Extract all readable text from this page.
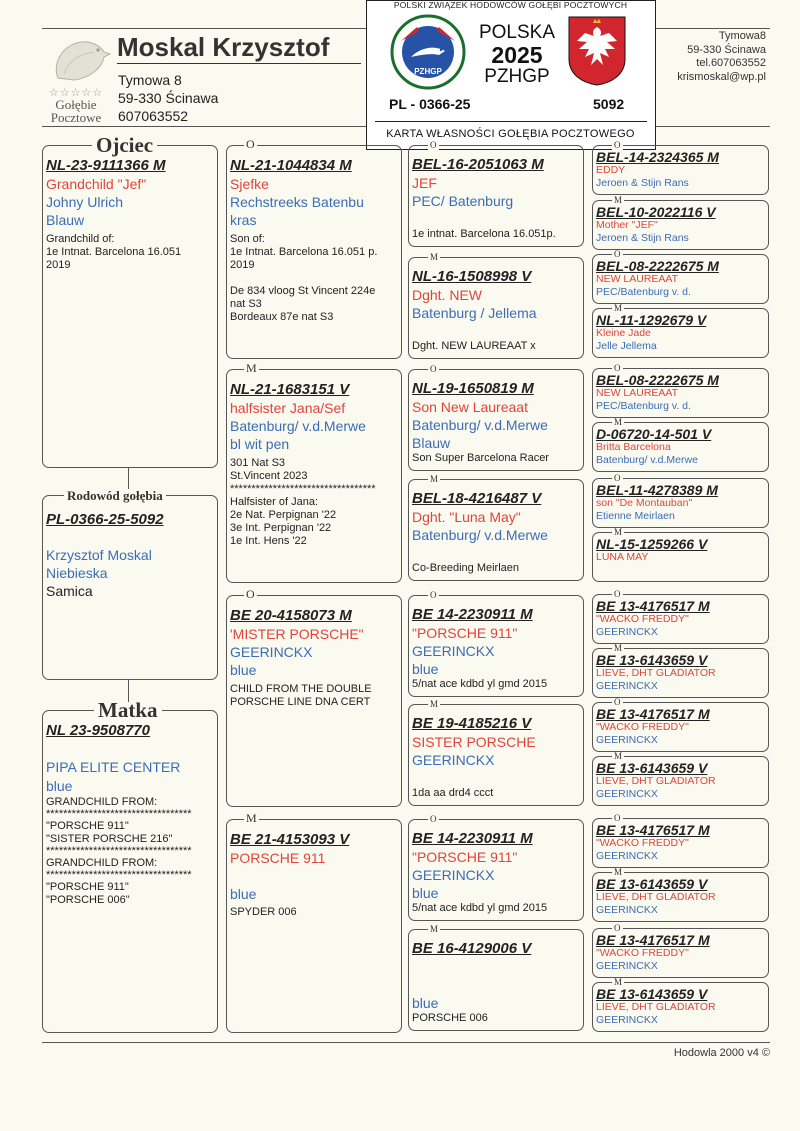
☆☆☆☆☆
Gołębie
Pocztowe
Moskal Krzysztof
Tymowa 8
59-330 Ścinawa
607063552
Tymowa8
59-330 Ścinawa
tel.607063552
krismoskal@wp.pl
POLSKI ZWIĄZEK HODOWCÓW GOŁĘBI POCZTOWYCH
PZHGP
POLSKA
2025
PZHGP
PL - 0366-25	5092
KARTA WŁASNOŚCI GOŁĘBIA POCZTOWEGO
Ojciec
NL-23-9111366 M
Grandchild "Jef"
Johny Ulrich
Blauw
Grandchild of:
1e Intnat. Barcelona 16.051
2019
Rodowód gołębia
PL-0366-25-5092
Krzysztof Moskal
Niebieska
Samica
Matka
NL 23-9508770
PIPA ELITE CENTER
blue
GRANDCHILD FROM:
**********************************
"PORSCHE 911"
"SISTER PORSCHE 216"
**********************************
GRANDCHILD FROM:
**********************************
"PORSCHE 911"
"PORSCHE 006"
O
NL-21-1044834 M
Sjefke
Rechstreeks Batenbu
kras
Son of:
1e Intnat. Barcelona 16.051 p.
2019

De 834 vloog St Vincent 224e
nat S3
Bordeaux 87e nat S3
M
NL-21-1683151 V
halfsister Jana/Sef
Batenburg/ v.d.Merwe
bl wit pen
301 Nat S3
St.Vincent 2023
**********************************
Halfsister of Jana:
2e Nat. Perpignan '22
3e Int. Perpignan '22
1e Int. Hens '22
O
BE 20-4158073 M
'MISTER PORSCHE"
GEERINCKX
blue
CHILD FROM THE DOUBLE
PORSCHE LINE DNA CERT
M
BE 21-4153093 V
PORSCHE 911
blue
SPYDER 006
O
BEL-16-2051063 M
JEF
PEC/ Batenburg
1e intnat. Barcelona 16.051p.
M
NL-16-1508998 V
Dght. NEW
Batenburg / Jellema
Dght. NEW LAUREAAT x
O
NL-19-1650819 M
Son New Laureaat
Batenburg/ v.d.Merwe
Blauw
Son Super Barcelona Racer
M
BEL-18-4216487 V
Dght. "Luna May"
Batenburg/ v.d.Merwe
Co-Breeding Meirlaen
O
BE 14-2230911 M
"PORSCHE 911"
GEERINCKX
blue
5/nat ace kdbd yl gmd 2015
M
BE 19-4185216 V
SISTER PORSCHE
GEERINCKX
1da aa drd4 ccct
O
BE 14-2230911 M
"PORSCHE 911"
GEERINCKX
blue
5/nat ace kdbd yl gmd 2015
M
BE 16-4129006 V
blue
PORSCHE 006
O
BEL-14-2324365 M
EDDY
Jeroen & Stijn Rans
M
BEL-10-2022116 V
Mother "JEF"
Jeroen & Stijn Rans
O
BEL-08-2222675 M
NEW LAUREAAT
PEC/Batenburg v. d.
M
NL-11-1292679 V
Kleine Jade
Jelle Jellema
O
BEL-08-2222675 M
NEW LAUREAAT
PEC/Batenburg v. d.
M
D-06720-14-501 V
Britta Barcelona
Batenburg/ v.d.Merwe
O
BEL-11-4278389 M
son "De Montauban"
Etienne Meirlaen
M
NL-15-1259266 V
LUNA MAY
O
BE 13-4176517 M
"WACKO FREDDY"
GEERINCKX
M
BE 13-6143659 V
LIEVE, DHT GLADIATOR
GEERINCKX
O
BE 13-4176517 M
"WACKO FREDDY"
GEERINCKX
M
BE 13-6143659 V
LIEVE, DHT GLADIATOR
GEERINCKX
O
BE 13-4176517 M
"WACKO FREDDY"
GEERINCKX
M
BE 13-6143659 V
LIEVE, DHT GLADIATOR
GEERINCKX
O
BE 13-4176517 M
"WACKO FREDDY"
GEERINCKX
M
BE 13-6143659 V
LIEVE, DHT GLADIATOR
GEERINCKX
Hodowla 2000 v4 ©
